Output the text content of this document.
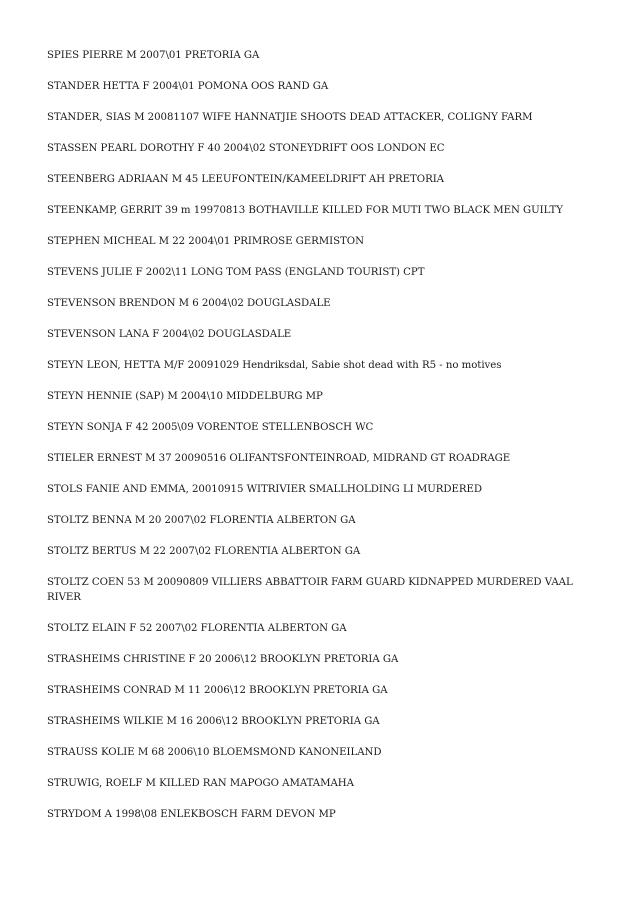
SPIES PIERRE M 2007\01 PRETORIA GA
STANDER HETTA F 2004\01 POMONA OOS RAND GA
STANDER, SIAS M 20081107 WIFE HANNATJIE SHOOTS DEAD ATTACKER, COLIGNY FARM
STASSEN PEARL DOROTHY F 40 2004\02 STONEYDRIFT OOS LONDON EC
STEENBERG ADRIAAN M 45 LEEUFONTEIN/KAMEELDRIFT AH PRETORIA
STEENKAMP, GERRIT 39 m 19970813 BOTHAVILLE KILLED FOR MUTI TWO BLACK MEN GUILTY
STEPHEN MICHEAL M 22 2004\01 PRIMROSE GERMISTON
STEVENS JULIE F 2002\11 LONG TOM PASS (ENGLAND TOURIST) CPT
STEVENSON BRENDON M 6 2004\02 DOUGLASDALE
STEVENSON LANA F 2004\02 DOUGLASDALE
STEYN LEON, HETTA M/F 20091029 Hendriksdal, Sabie shot dead with R5 - no motives
STEYN HENNIE (SAP) M 2004\10 MIDDELBURG MP
STEYN SONJA F 42 2005\09 VORENTOE STELLENBOSCH WC
STIELER ERNEST M 37 20090516 OLIFANTSFONTEINROAD, MIDRAND GT ROADRAGE
STOLS FANIE AND EMMA, 20010915 WITRIVIER SMALLHOLDING LI MURDERED
STOLTZ BENNA M 20 2007\02 FLORENTIA ALBERTON GA
STOLTZ BERTUS M 22 2007\02 FLORENTIA ALBERTON GA
STOLTZ COEN 53 M 20090809 VILLIERS ABBATTOIR FARM GUARD KIDNAPPED MURDERED VAAL RIVER
STOLTZ ELAIN F 52 2007\02 FLORENTIA ALBERTON GA
STRASHEIMS CHRISTINE F 20 2006\12 BROOKLYN PRETORIA GA
STRASHEIMS CONRAD M 11 2006\12 BROOKLYN PRETORIA GA
STRASHEIMS WILKIE M 16 2006\12 BROOKLYN PRETORIA GA
STRAUSS KOLIE M 68 2006\10 BLOEMSMOND KANONEILAND
STRUWIG, ROELF M KILLED RAN MAPOGO AMATAMAHA
STRYDOM A 1998\08 ENLEKBOSCH FARM DEVON MP
